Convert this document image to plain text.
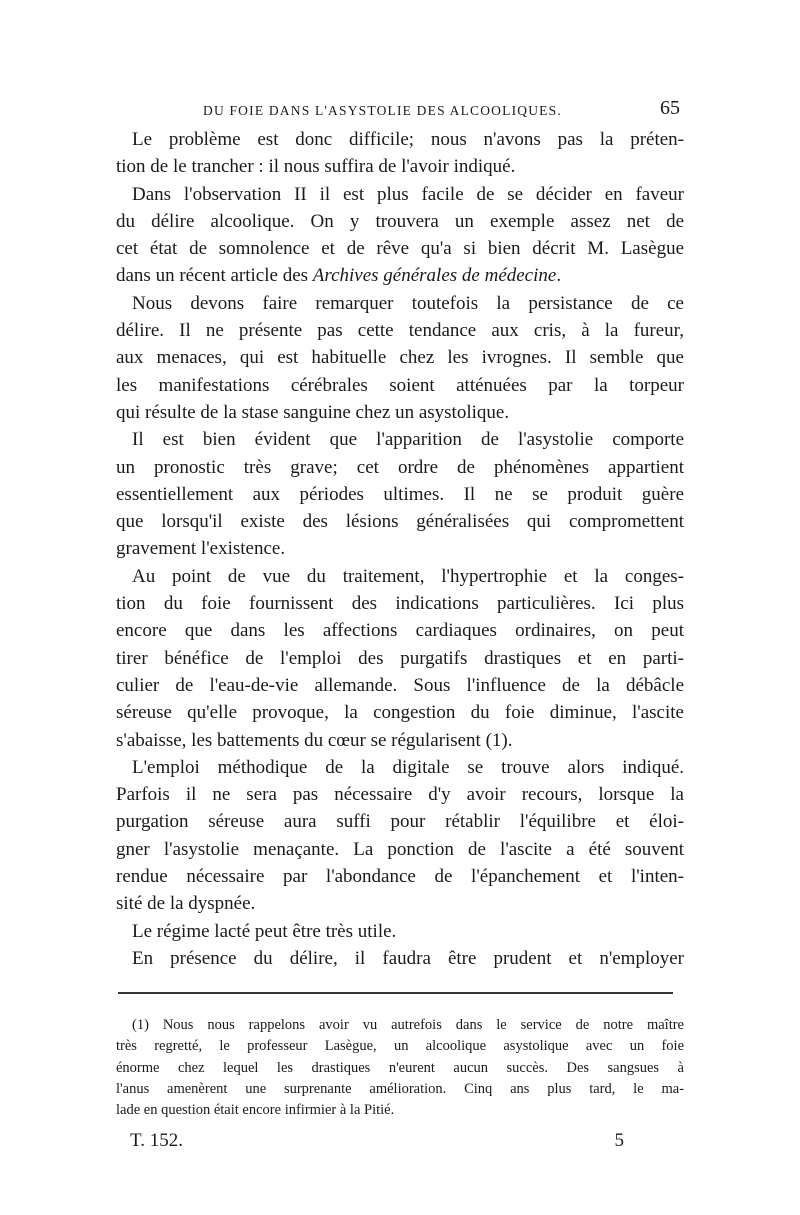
DU FOIE DANS L'ASYSTOLIE DES ALCOOLIQUES.	65
Le problème est donc difficile; nous n'avons pas la préten-
tion de le trancher : il nous suffira de l'avoir indiqué.
Dans l'observation II il est plus facile de se décider en faveur
du délire alcoolique. On y trouvera un exemple assez net de
cet état de somnolence et de rêve qu'a si bien décrit M. Lasègue
dans un récent article des Archives générales de médecine.
Nous devons faire remarquer toutefois la persistance de ce
délire. Il ne présente pas cette tendance aux cris, à la fureur,
aux menaces, qui est habituelle chez les ivrognes. Il semble que
les manifestations cérébrales soient atténuées par la torpeur
qui résulte de la stase sanguine chez un asystolique.
Il est bien évident que l'apparition de l'asystolie comporte
un pronostic très grave; cet ordre de phénomènes appartient
essentiellement aux périodes ultimes. Il ne se produit guère
que lorsqu'il existe des lésions généralisées qui compromettent
gravement l'existence.
Au point de vue du traitement, l'hypertrophie et la conges-
tion du foie fournissent des indications particulières. Ici plus
encore que dans les affections cardiaques ordinaires, on peut
tirer bénéfice de l'emploi des purgatifs drastiques et en parti-
culier de l'eau-de-vie allemande. Sous l'influence de la débâcle
séreuse qu'elle provoque, la congestion du foie diminue, l'ascite
s'abaisse, les battements du cœur se régularisent (1).
L'emploi méthodique de la digitale se trouve alors indiqué.
Parfois il ne sera pas nécessaire d'y avoir recours, lorsque la
purgation séreuse aura suffi pour rétablir l'équilibre et éloi-
gner l'asystolie menaçante. La ponction de l'ascite a été souvent
rendue nécessaire par l'abondance de l'épanchement et l'inten-
sité de la dyspnée.
Le régime lacté peut être très utile.
En présence du délire, il faudra être prudent et n'employer
(1) Nous nous rappelons avoir vu autrefois dans le service de notre maître
très regretté, le professeur Lasègue, un alcoolique asystolique avec un foie
énorme chez lequel les drastiques n'eurent aucun succès. Des sangsues à
l'anus amenèrent une surprenante amélioration. Cinq ans plus tard, le ma-
lade en question était encore infirmier à la Pitié.
T. 152.	5
